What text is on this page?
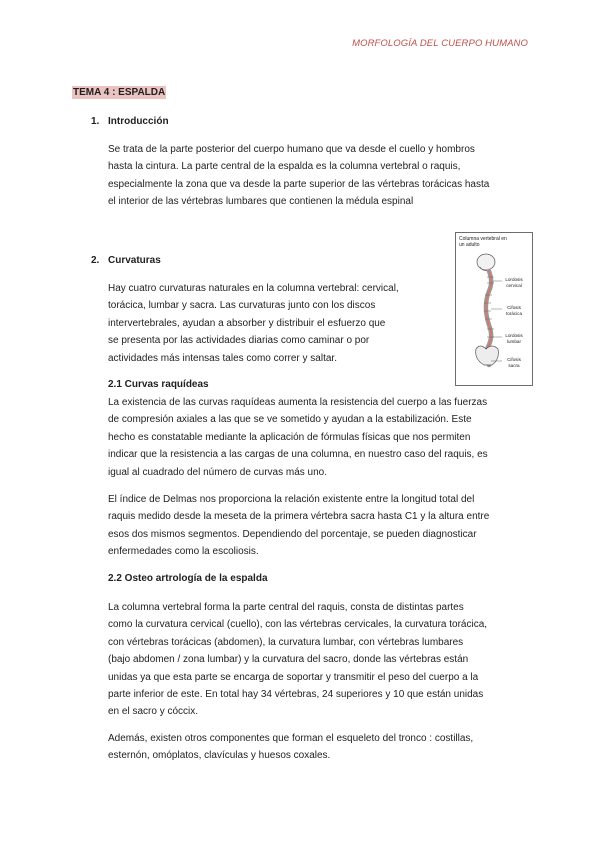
MORFOLOGÍA DEL CUERPO HUMANO
TEMA 4 : ESPALDA
1. Introducción

Se trata de la parte posterior del cuerpo humano que va desde el cuello y hombros
hasta la cintura. La parte central de la espalda es la columna vertebral o raquis,
especialmente la zona que va desde la parte superior de las vértebras torácicas hasta
el interior de las vértebras lumbares que contienen la médula espinal

2. Curvaturas

Hay cuatro curvaturas naturales en la columna vertebral: cervical,
torácica, lumbar y sacra. Las curvaturas junto con los discos
intervertebrales, ayudan a absorber y distribuir el esfuerzo que
se presenta por las actividades diarias como caminar o por
actividades más intensas tales como correr y saltar.

Columna vertebral en un adulto
Lordosis cervical
Cifosis torácica
Lordosis lumbar
Cifosis sacra
2.1 Curvas raquídeas

La existencia de las curvas raquídeas aumenta la resistencia del cuerpo a las fuerzas
de compresión axiales a las que se ve sometido y ayudan a la estabilización. Este
hecho es constatable mediante la aplicación de fórmulas físicas que nos permiten
indicar que la resistencia a las cargas de una columna, en nuestro caso del raquis, es
igual al cuadrado del número de curvas más uno.

El índice de Delmas nos proporciona la relación existente entre la longitud total del
raquis medido desde la meseta de la primera vértebra sacra hasta C1 y la altura entre
esos dos mismos segmentos. Dependiendo del porcentaje, se pueden diagnosticar
enfermedades como la escoliosis.

2.2 Osteo artrología de la espalda

La columna vertebral forma la parte central del raquis, consta de distintas partes
como la curvatura cervical (cuello), con las vértebras cervicales, la curvatura torácica,
con vértebras torácicas (abdomen), la curvatura lumbar, con vértebras lumbares
(bajo abdomen / zona lumbar) y la curvatura del sacro, donde las vértebras están
unidas ya que esta parte se encarga de soportar y transmitir el peso del cuerpo a la
parte inferior de este. En total hay 34 vértebras, 24 superiores y 10 que están unidas
en el sacro y cóccix.

Además, existen otros componentes que forman el esqueleto del tronco : costillas,
esternón, omóplatos, clavículas y huesos coxales.
